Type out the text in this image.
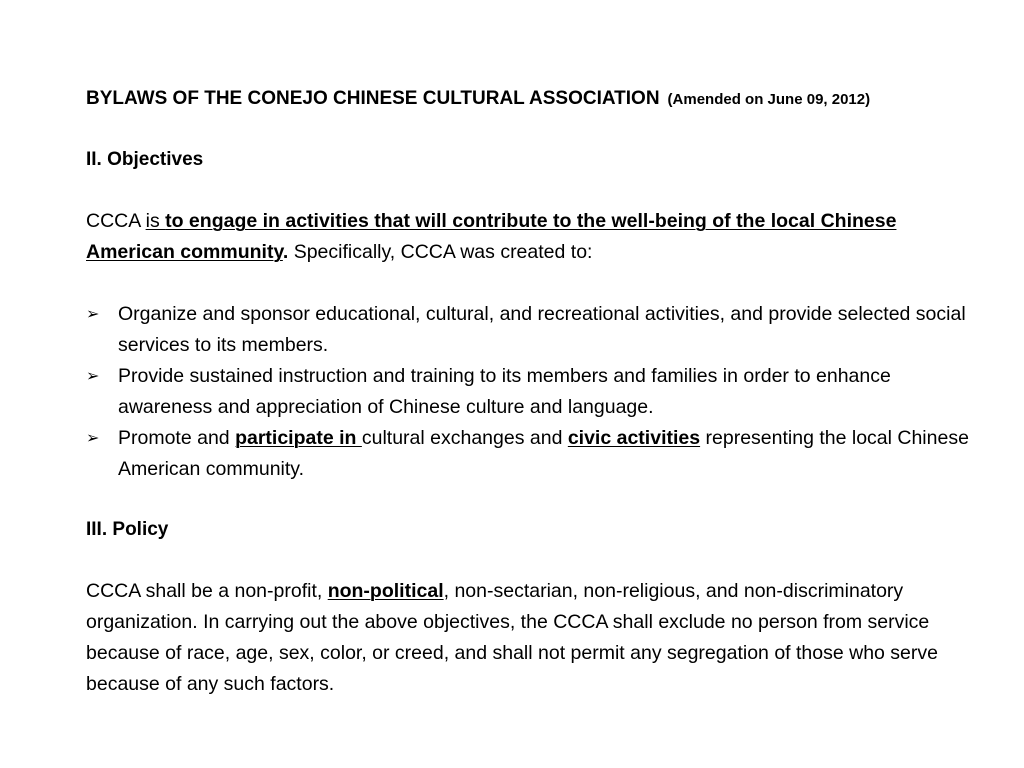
BYLAWS OF THE CONEJO CHINESE CULTURAL ASSOCIATION (Amended on June 09, 2012)
II. Objectives
CCCA is to engage in activities that will contribute to the well-being of the local Chinese American community. Specifically, CCCA was created to:
➢ Organize and sponsor educational, cultural, and recreational activities, and provide selected social services to its members.
➢ Provide sustained instruction and training to its members and families in order to enhance awareness and appreciation of Chinese culture and language.
➢ Promote and participate in cultural exchanges and civic activities representing the local Chinese American community.
III. Policy
CCCA shall be a non-profit, non-political, non-sectarian, non-religious, and non-discriminatory organization. In carrying out the above objectives, the CCCA shall exclude no person from service because of race, age, sex, color, or creed, and shall not permit any segregation of those who serve because of any such factors.
